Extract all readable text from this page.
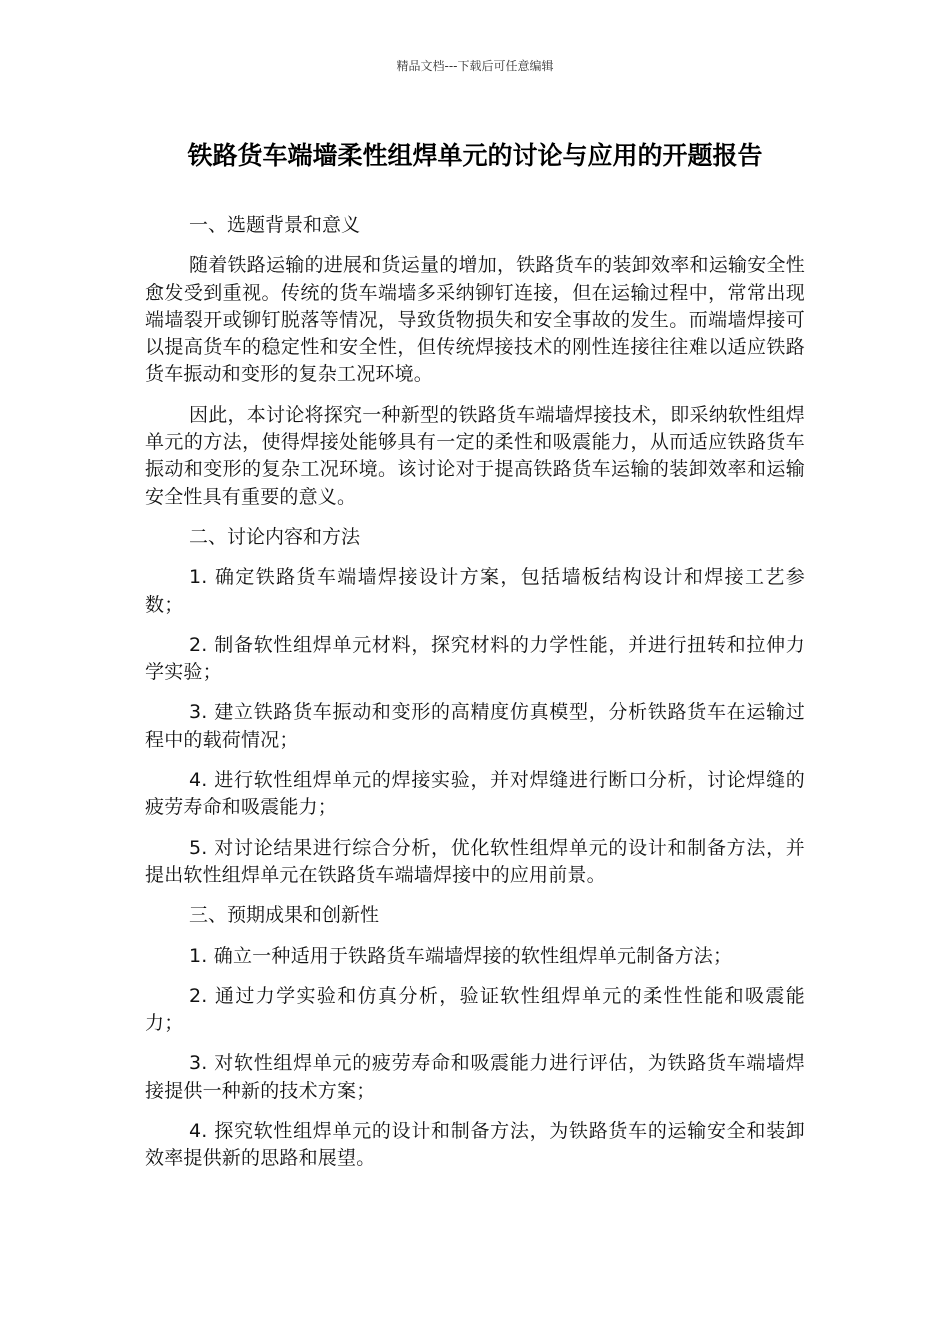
精品文档---下载后可任意编辑

铁路货车端墙柔性组焊单元的讨论与应用的开题报告

一、选题背景和意义

随着铁路运输的进展和货运量的增加，铁路货车的装卸效率和运输安全性愈发受到重视。传统的货车端墙多采纳铆钉连接，但在运输过程中，常常出现端墙裂开或铆钉脱落等情况，导致货物损失和安全事故的发生。而端墙焊接可以提高货车的稳定性和安全性，但传统焊接技术的刚性连接往往难以适应铁路货车振动和变形的复杂工况环境。

因此，本讨论将探究一种新型的铁路货车端墙焊接技术，即采纳软性组焊单元的方法，使得焊接处能够具有一定的柔性和吸震能力，从而适应铁路货车振动和变形的复杂工况环境。该讨论对于提高铁路货车运输的装卸效率和运输安全性具有重要的意义。

二、讨论内容和方法

1. 确定铁路货车端墙焊接设计方案，包括墙板结构设计和焊接工艺参数；

2. 制备软性组焊单元材料，探究材料的力学性能，并进行扭转和拉伸力学实验；

3. 建立铁路货车振动和变形的高精度仿真模型，分析铁路货车在运输过程中的载荷情况；

4. 进行软性组焊单元的焊接实验，并对焊缝进行断口分析，讨论焊缝的疲劳寿命和吸震能力；

5. 对讨论结果进行综合分析，优化软性组焊单元的设计和制备方法，并提出软性组焊单元在铁路货车端墙焊接中的应用前景。

三、预期成果和创新性

1. 确立一种适用于铁路货车端墙焊接的软性组焊单元制备方法；

2. 通过力学实验和仿真分析，验证软性组焊单元的柔性性能和吸震能力；

3. 对软性组焊单元的疲劳寿命和吸震能力进行评估，为铁路货车端墙焊接提供一种新的技术方案；

4. 探究软性组焊单元的设计和制备方法，为铁路货车的运输安全和装卸效率提供新的思路和展望。
